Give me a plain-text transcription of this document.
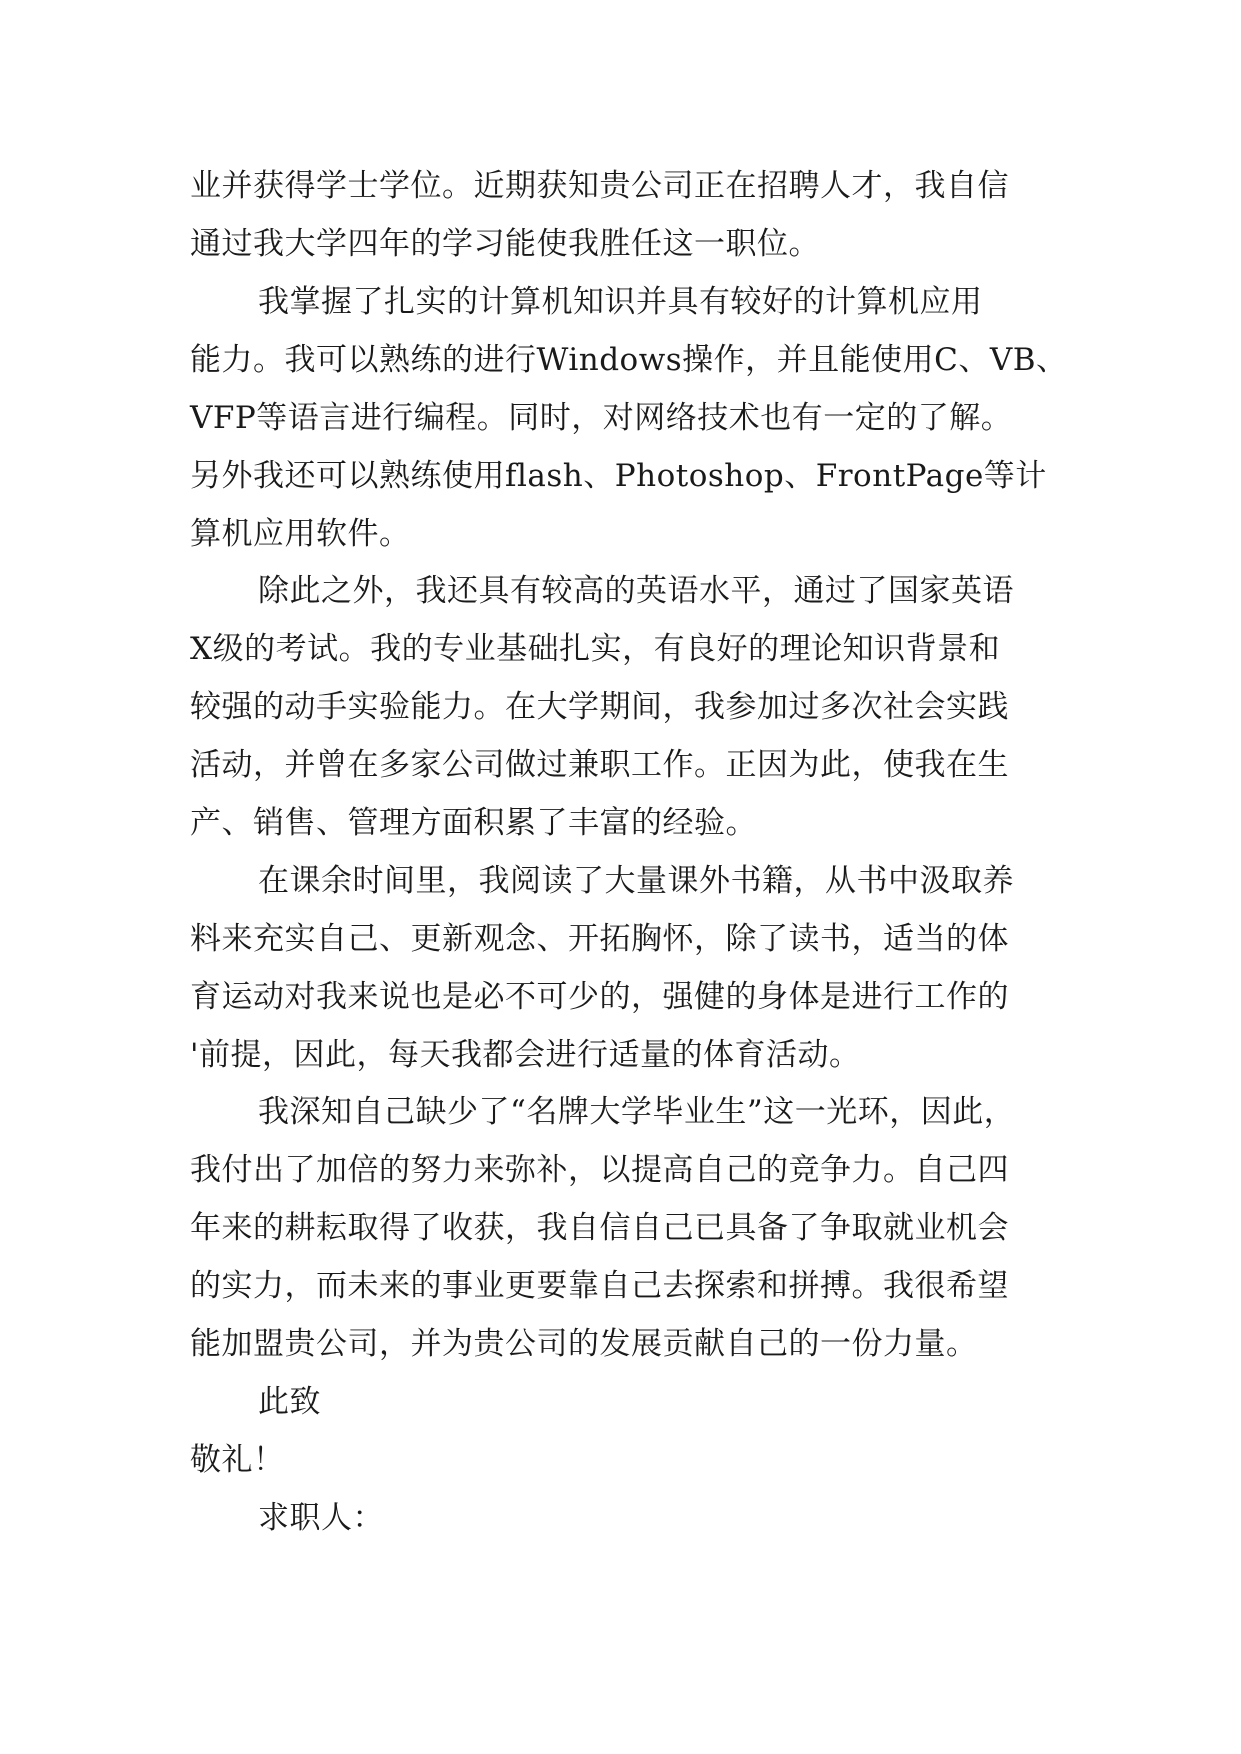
业并获得学士学位。近期获知贵公司正在招聘人才，我自信
通过我大学四年的学习能使我胜任这一职位。
我掌握了扎实的计算机知识并具有较好的计算机应用
能力。我可以熟练的进行Windows操作，并且能使用C、VB、
VFP等语言进行编程。同时，对网络技术也有一定的了解。
另外我还可以熟练使用flash、Photoshop、FrontPage等计
算机应用软件。
除此之外，我还具有较高的英语水平，通过了国家英语
X级的考试。我的专业基础扎实，有良好的理论知识背景和
较强的动手实验能力。在大学期间，我参加过多次社会实践
活动，并曾在多家公司做过兼职工作。正因为此，使我在生
产、销售、管理方面积累了丰富的经验。
在课余时间里，我阅读了大量课外书籍，从书中汲取养
料来充实自己、更新观念、开拓胸怀，除了读书，适当的体
育运动对我来说也是必不可少的，强健的身体是进行工作的
'前提，因此，每天我都会进行适量的体育活动。
我深知自己缺少了“名牌大学毕业生”这一光环，因此，
我付出了加倍的努力来弥补，以提高自己的竞争力。自己四
年来的耕耘取得了收获，我自信自己已具备了争取就业机会
的实力，而未来的事业更要靠自己去探索和拼搏。我很希望
能加盟贵公司，并为贵公司的发展贡献自己的一份力量。
此致
敬礼！
求职人：
